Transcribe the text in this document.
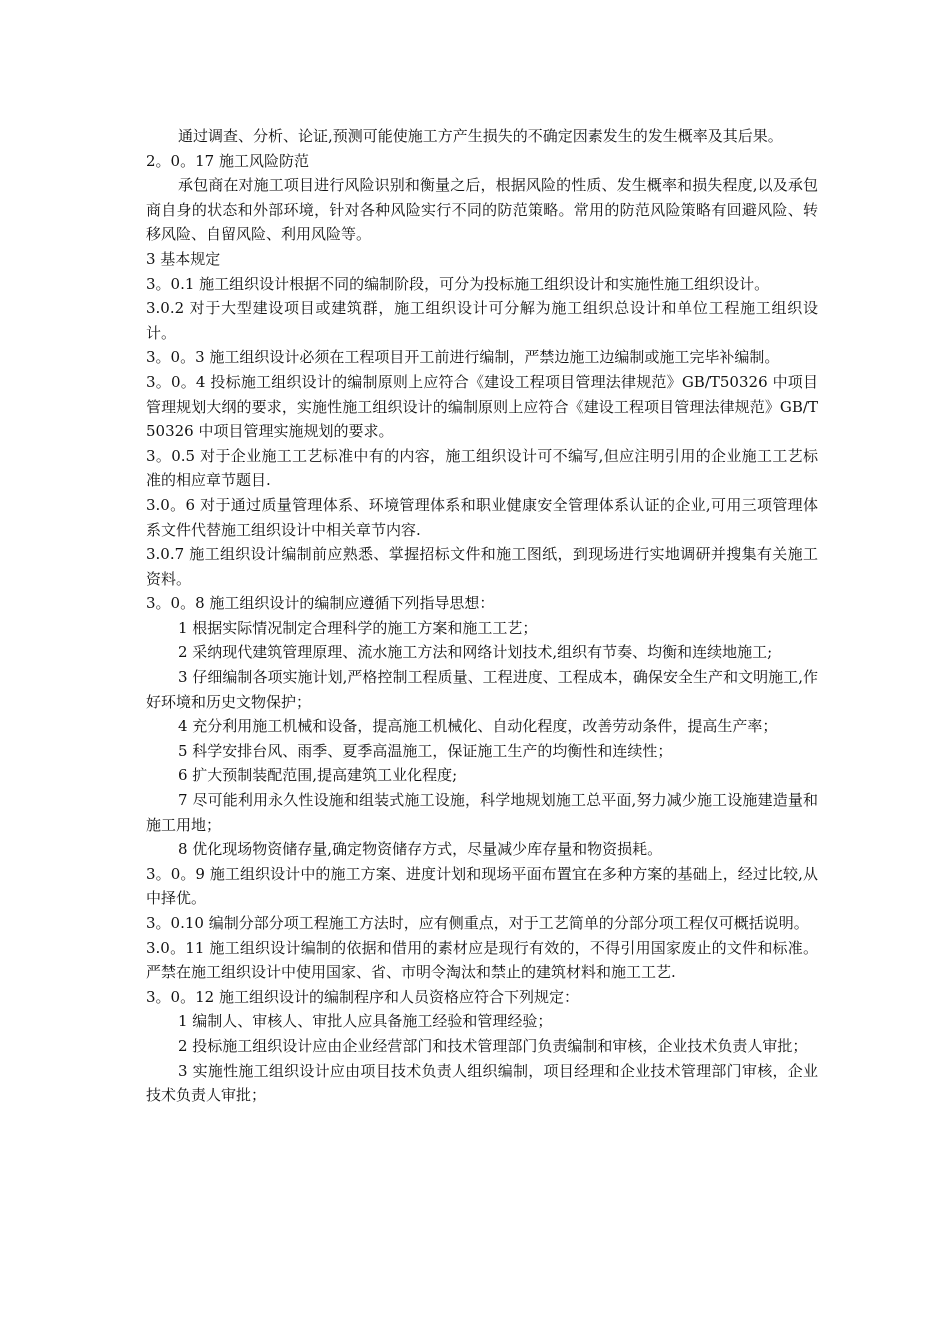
通过调查、分析、论证,预测可能使施工方产生损失的不确定因素发生的发生概率及其后果。

2。0。17 施工风险防范

承包商在对施工项目进行风险识别和衡量之后，根据风险的性质、发生概率和损失程度,以及承包商自身的状态和外部环境，针对各种风险实行不同的防范策略。常用的防范风险策略有回避风险、转移风险、自留风险、利用风险等。

3 基本规定

3。0.1 施工组织设计根据不同的编制阶段，可分为投标施工组织设计和实施性施工组织设计。

3.0.2 对于大型建设项目或建筑群，施工组织设计可分解为施工组织总设计和单位工程施工组织设计。

3。0。3 施工组织设计必须在工程项目开工前进行编制，严禁边施工边编制或施工完毕补编制。

3。0。4 投标施工组织设计的编制原则上应符合《建设工程项目管理法律规范》GB/T50326 中项目管理规划大纲的要求，实施性施工组织设计的编制原则上应符合《建设工程项目管理法律规范》GB/T50326 中项目管理实施规划的要求。

3。0.5 对于企业施工工艺标准中有的内容，施工组织设计可不编写,但应注明引用的企业施工工艺标准的相应章节题目.

3.0。6 对于通过质量管理体系、环境管理体系和职业健康安全管理体系认证的企业,可用三项管理体系文件代替施工组织设计中相关章节内容.

3.0.7 施工组织设计编制前应熟悉、掌握招标文件和施工图纸，到现场进行实地调研并搜集有关施工资料。

3。0。8 施工组织设计的编制应遵循下列指导思想：

1 根据实际情况制定合理科学的施工方案和施工工艺；

2 采纳现代建筑管理原理、流水施工方法和网络计划技术,组织有节奏、均衡和连续地施工;

3 仔细编制各项实施计划,严格控制工程质量、工程进度、工程成本，确保安全生产和文明施工,作好环境和历史文物保护；

4 充分利用施工机械和设备，提高施工机械化、自动化程度，改善劳动条件，提高生产率；

5 科学安排台风、雨季、夏季高温施工，保证施工生产的均衡性和连续性；

6 扩大预制装配范围,提高建筑工业化程度;

7 尽可能利用永久性设施和组装式施工设施，科学地规划施工总平面,努力减少施工设施建造量和施工用地；

8 优化现场物资储存量,确定物资储存方式，尽量减少库存量和物资损耗。

3。0。9 施工组织设计中的施工方案、进度计划和现场平面布置宜在多种方案的基础上，经过比较,从中择优。

3。0.10 编制分部分项工程施工方法时，应有侧重点，对于工艺简单的分部分项工程仅可概括说明。

3.0。11 施工组织设计编制的依据和借用的素材应是现行有效的，不得引用国家废止的文件和标准。严禁在施工组织设计中使用国家、省、市明令淘汰和禁止的建筑材料和施工工艺.

3。0。12 施工组织设计的编制程序和人员资格应符合下列规定：

1 编制人、审核人、审批人应具备施工经验和管理经验；

2 投标施工组织设计应由企业经营部门和技术管理部门负责编制和审核，企业技术负责人审批；

3 实施性施工组织设计应由项目技术负责人组织编制，项目经理和企业技术管理部门审核，企业技术负责人审批；
